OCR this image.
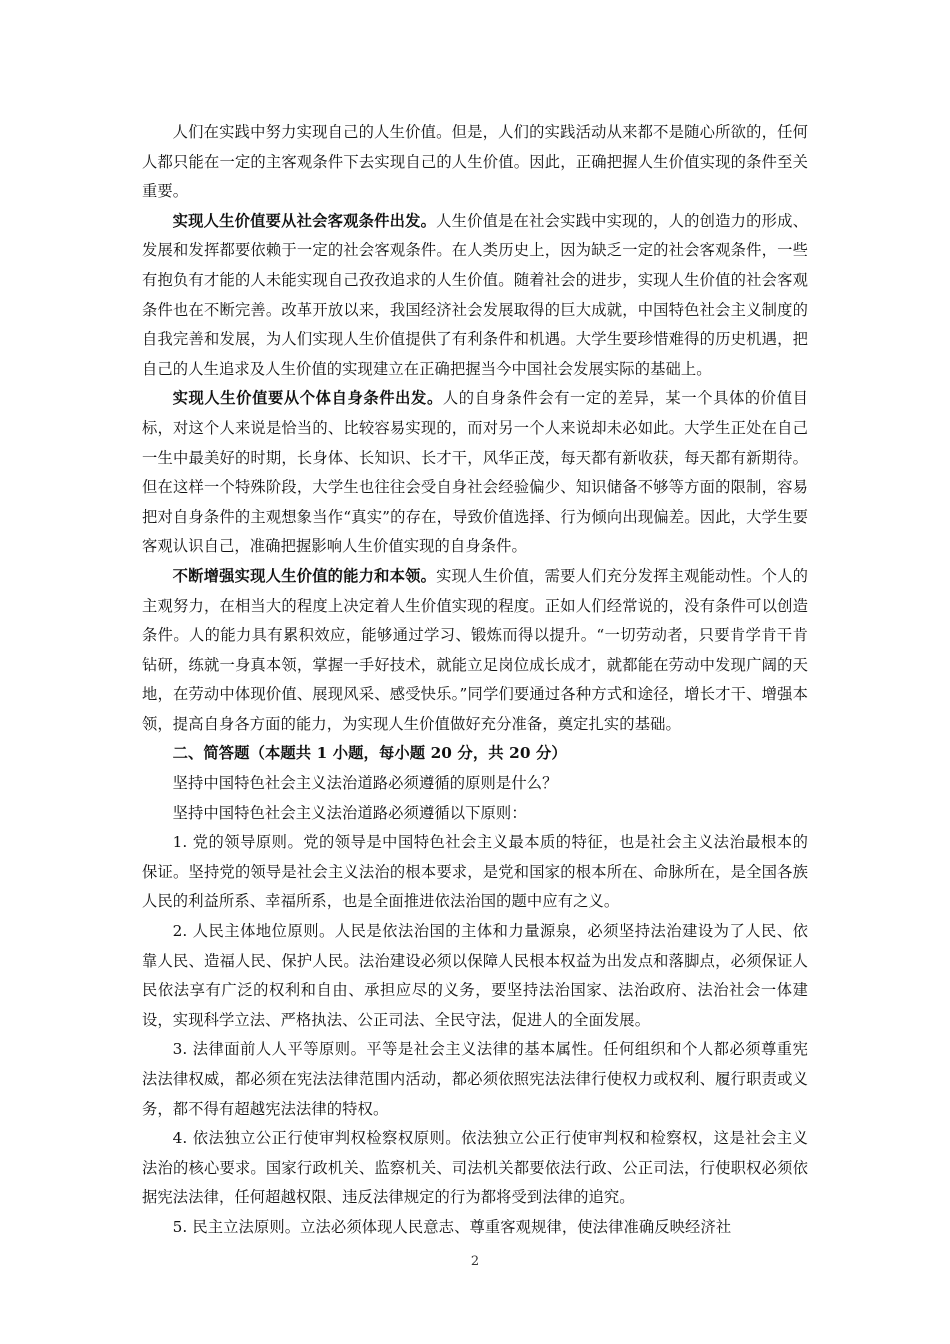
人们在实践中努力实现自己的人生价值。但是，人们的实践活动从来都不是随心所欲的，任何人都只能在一定的主客观条件下去实现自己的人生价值。因此，正确把握人生价值实现的条件至关重要。

实现人生价值要从社会客观条件出发。人生价值是在社会实践中实现的，人的创造力的形成、发展和发挥都要依赖于一定的社会客观条件。在人类历史上，因为缺乏一定的社会客观条件，一些有抱负有才能的人未能实现自己孜孜追求的人生价值。随着社会的进步，实现人生价值的社会客观条件也在不断完善。改革开放以来，我国经济社会发展取得的巨大成就，中国特色社会主义制度的自我完善和发展，为人们实现人生价值提供了有利条件和机遇。大学生要珍惜难得的历史机遇，把自己的人生追求及人生价值的实现建立在正确把握当今中国社会发展实际的基础上。

实现人生价值要从个体自身条件出发。人的自身条件会有一定的差异，某一个具体的价值目标，对这个人来说是恰当的、比较容易实现的，而对另一个人来说却未必如此。大学生正处在自己一生中最美好的时期，长身体、长知识、长才干，风华正茂，每天都有新收获，每天都有新期待。但在这样一个特殊阶段，大学生也往往会受自身社会经验偏少、知识储备不够等方面的限制，容易把对自身条件的主观想象当作“真实”的存在，导致价值选择、行为倾向出现偏差。因此，大学生要客观认识自己，准确把握影响人生价值实现的自身条件。

不断增强实现人生价值的能力和本领。实现人生价值，需要人们充分发挥主观能动性。个人的主观努力，在相当大的程度上决定着人生价值实现的程度。正如人们经常说的，没有条件可以创造条件。人的能力具有累积效应，能够通过学习、锻炼而得以提升。“一切劳动者，只要肯学肯干肯钻研，练就一身真本领，掌握一手好技术，就能立足岗位成长成才，就都能在劳动中发现广阔的天地，在劳动中体现价值、展现风采、感受快乐。”同学们要通过各种方式和途径，增长才干、增强本领，提高自身各方面的能力，为实现人生价值做好充分准备，奠定扎实的基础。

二、简答题（本题共 1 小题，每小题 20 分，共 20 分）

坚持中国特色社会主义法治道路必须遵循的原则是什么？

坚持中国特色社会主义法治道路必须遵循以下原则：

1. 党的领导原则。党的领导是中国特色社会主义最本质的特征，也是社会主义法治最根本的保证。坚持党的领导是社会主义法治的根本要求，是党和国家的根本所在、命脉所在，是全国各族人民的利益所系、幸福所系，也是全面推进依法治国的题中应有之义。

2. 人民主体地位原则。人民是依法治国的主体和力量源泉，必须坚持法治建设为了人民、依靠人民、造福人民、保护人民。法治建设必须以保障人民根本权益为出发点和落脚点，必须保证人民依法享有广泛的权利和自由、承担应尽的义务，要坚持法治国家、法治政府、法治社会一体建设，实现科学立法、严格执法、公正司法、全民守法，促进人的全面发展。

3. 法律面前人人平等原则。平等是社会主义法律的基本属性。任何组织和个人都必须尊重宪法法律权威，都必须在宪法法律范围内活动，都必须依照宪法法律行使权力或权利、履行职责或义务，都不得有超越宪法法律的特权。

4. 依法独立公正行使审判权检察权原则。依法独立公正行使审判权和检察权，这是社会主义法治的核心要求。国家行政机关、监察机关、司法机关都要依法行政、公正司法，行使职权必须依据宪法法律，任何超越权限、违反法律规定的行为都将受到法律的追究。

5. 民主立法原则。立法必须体现人民意志、尊重客观规律，使法律准确反映经济社

2
